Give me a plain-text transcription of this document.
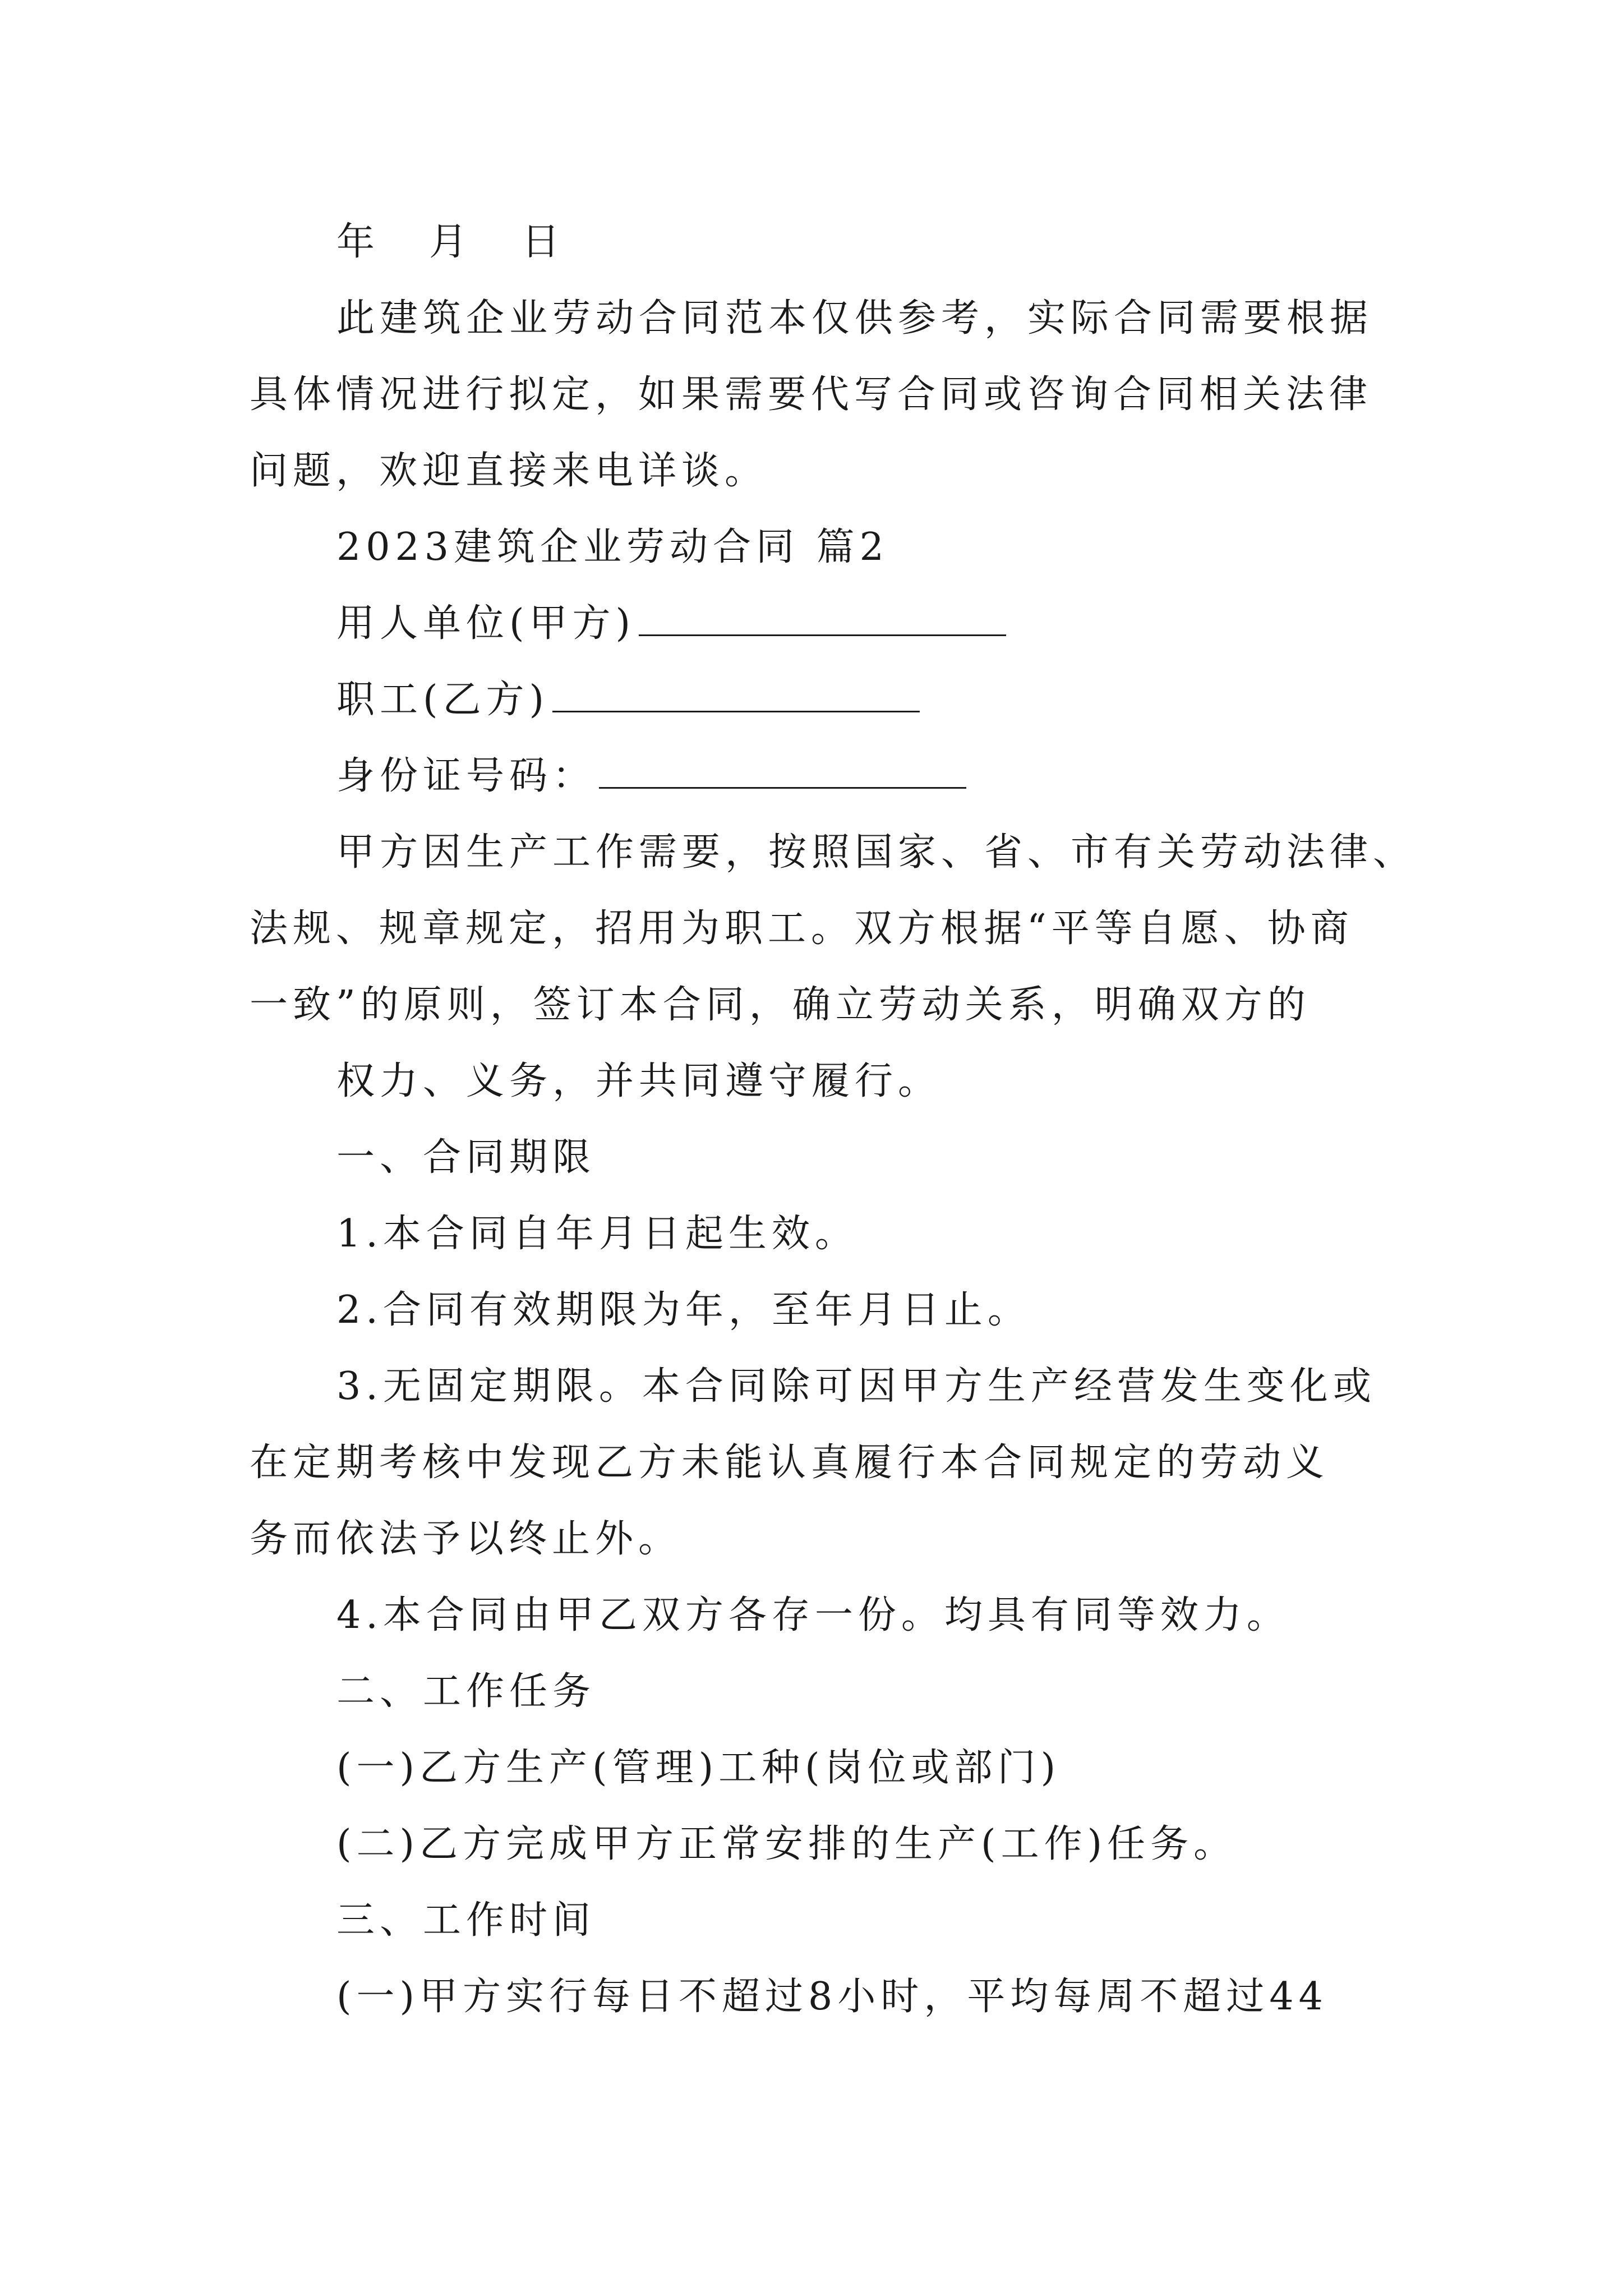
年 月 日
此建筑企业劳动合同范本仅供参考，实际合同需要根据
具体情况进行拟定，如果需要代写合同或咨询合同相关法律
问题，欢迎直接来电详谈。
2023建筑企业劳动合同 篇2
用人单位(甲方)
职工(乙方)
身份证号码：
甲方因生产工作需要，按照国家、省、市有关劳动法律、
法规、规章规定，招用为职工。双方根据“平等自愿、协商
一致”的原则，签订本合同，确立劳动关系，明确双方的
权力、义务，并共同遵守履行。
一、合同期限
1.本合同自年月日起生效。
2.合同有效期限为年，至年月日止。
3.无固定期限。本合同除可因甲方生产经营发生变化或
在定期考核中发现乙方未能认真履行本合同规定的劳动义
务而依法予以终止外。
4.本合同由甲乙双方各存一份。均具有同等效力。
二、工作任务
(一)乙方生产(管理)工种(岗位或部门)
(二)乙方完成甲方正常安排的生产(工作)任务。
三、工作时间
(一)甲方实行每日不超过8小时，平均每周不超过44
